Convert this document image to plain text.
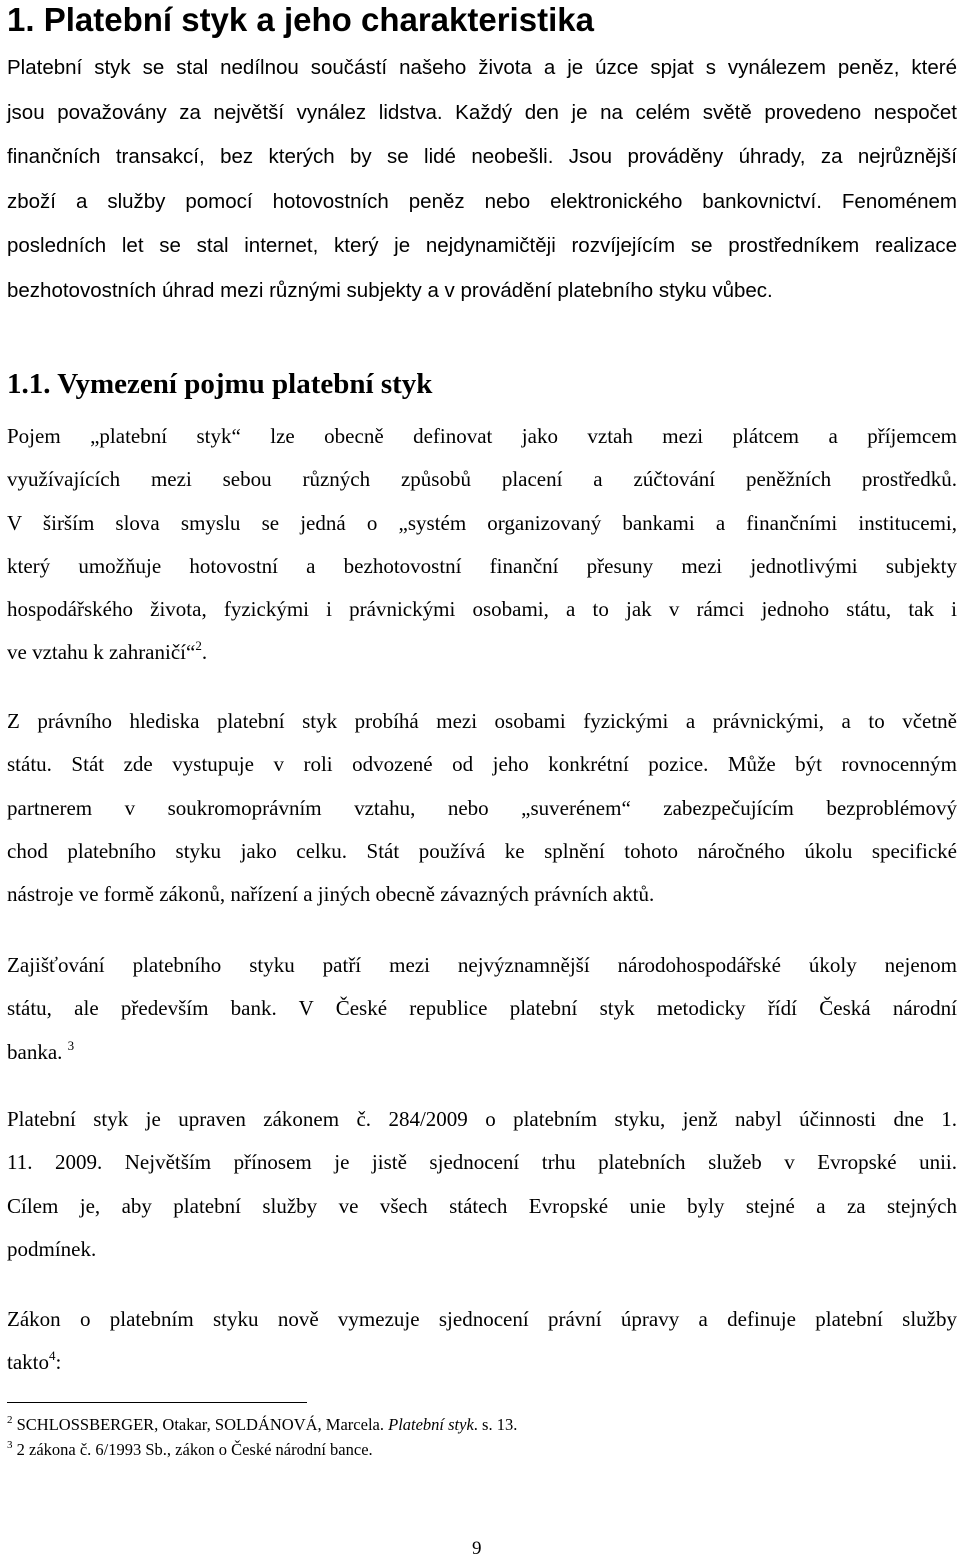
1. Platební styk a jeho charakteristika
Platební styk se stal nedílnou součástí našeho života a je úzce spjat s vynálezem peněz, které
jsou považovány za největší vynález lidstva. Každý den je na celém světě provedeno nespočet
finančních transakcí, bez kterých by se lidé neobešli. Jsou prováděny úhrady, za nejrůznější
zboží a služby pomocí hotovostních peněz nebo elektronického bankovnictví. Fenoménem
posledních let se stal internet, který je nejdynamičtěji rozvíjejícím se prostředníkem realizace
bezhotovostních úhrad mezi různými subjekty a v provádění platebního styku vůbec.
1.1. Vymezení pojmu platební styk
Pojem „platební styk“ lze obecně definovat jako vztah mezi plátcem a příjemcem
využívajících mezi sebou různých způsobů placení a zúčtování peněžních prostředků.
V širším slova smyslu se jedná o „systém organizovaný bankami a finančními institucemi,
který umožňuje hotovostní a bezhotovostní finanční přesuny mezi jednotlivými subjekty
hospodářského života, fyzickými i právnickými osobami, a to jak v rámci jednoho státu, tak i
ve vztahu k zahraničí“$^2$.
Z právního hlediska platební styk probíhá mezi osobami fyzickými a právnickými, a to včetně
státu. Stát zde vystupuje v roli odvozené od jeho konkrétní pozice. Může být rovnocenným
partnerem v soukromoprávním vztahu, nebo „suverénem“ zabezpečujícím bezproblémový
chod platebního styku jako celku. Stát používá ke splnění tohoto náročného úkolu specifické
nástroje ve formě zákonů, nařízení a jiných obecně závazných právních aktů.
Zajišťování platebního styku patří mezi nejvýznamnější národohospodářské úkoly nejenom
státu, ale především bank. V České republice platební styk metodicky řídí Česká národní
banka. $^3$
Platební styk je upraven zákonem č. 284/2009 o platebním styku, jenž nabyl účinnosti dne 1.
11. 2009. Největším přínosem je jistě sjednocení trhu platebních služeb v Evropské unii.
Cílem je, aby platební služby ve všech státech Evropské unie byly stejné a za stejných
podmínek.
Zákon o platebním styku nově vymezuje sjednocení právní úpravy a definuje platební služby
takto$^4$:

$^2$ SCHLOSSBERGER, Otakar, SOLDÁNOVÁ, Marcela. Platební styk. s. 13.

$^3$ 2 zákona č. 6/1993 Sb., zákon o České národní bance.

9
